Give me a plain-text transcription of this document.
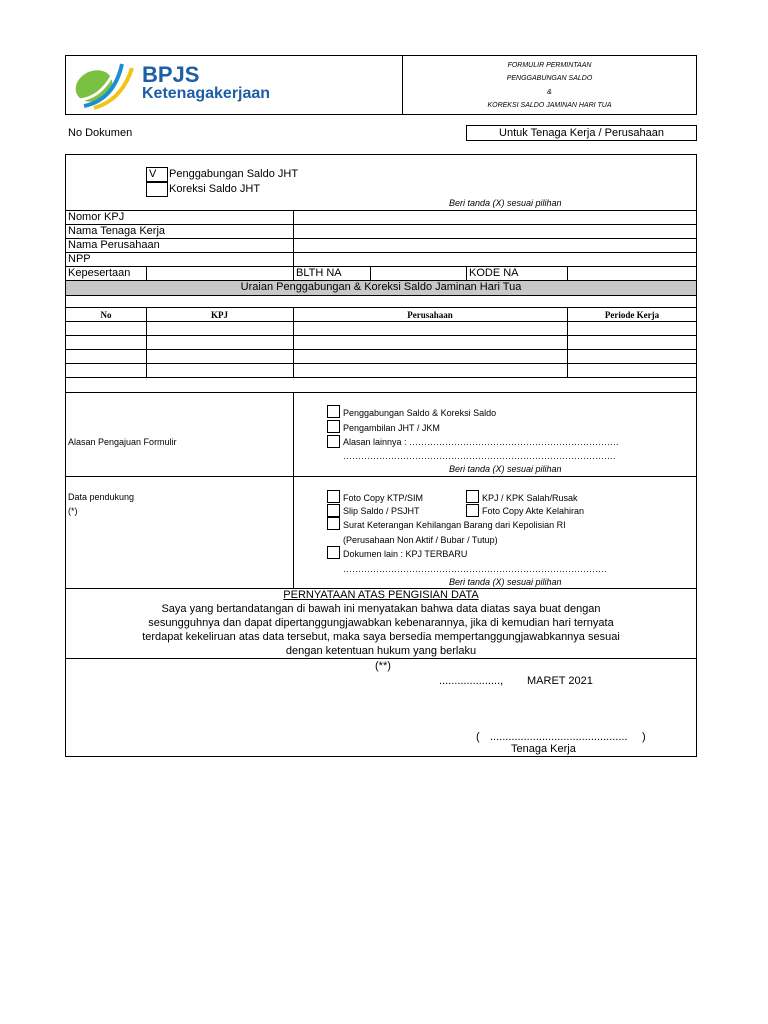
BPJS
Ketenagakerjaan
FORMULIR PERMINTAAN
PENGGABUNGAN SALDO
&
KOREKSI SALDO JAMINAN HARI TUA
No Dokumen	Untuk Tenaga Kerja / Perusahaan
V	Penggabungan Saldo JHT
Koreksi Saldo JHT
Beri tanda (X) sesuai pilihan
Nomor KPJ
Nama Tenaga Kerja
Nama Perusahaan
NPP
Kepesertaan	BLTH NA	KODE NA
Uraian Penggabungan & Koreksi Saldo Jaminan Hari Tua
No	KPJ	Perusahaan	Periode Kerja
Alasan Pengajuan Formulir
Penggabungan Saldo & Koreksi Saldo
Pengambilan JHT / JKM
Alasan lainnya : …………………………………………………………….
……………………………………………………………………………….
Beri tanda (X) sesuai pilihan
Data pendukung
(*)
Foto Copy KTP/SIM	KPJ / KPK Salah/Rusak
Slip Saldo / PSJHT	Foto Copy Akte Kelahiran
Surat Keterangan Kehilangan Barang dari Kepolisian RI
(Perusahaan Non Aktif / Bubar / Tutup)
Dokumen lain : KPJ TERBARU
…………………………………………………………………………….
Beri tanda (X) sesuai pilihan
PERNYATAAN ATAS PENGISIAN DATA
Saya yang bertandatangan di bawah ini menyatakan bahwa data diatas saya buat dengan
sesungguhnya dan dapat dipertanggungjawabkan kebenarannya, jika di kemudian hari ternyata
terdapat kekeliruan atas data tersebut, maka saya bersedia mempertanggungjawabkannya sesuai
dengan ketentuan hukum yang berlaku
(**)
...................., MARET 2021
( ............................................. )
Tenaga Kerja
